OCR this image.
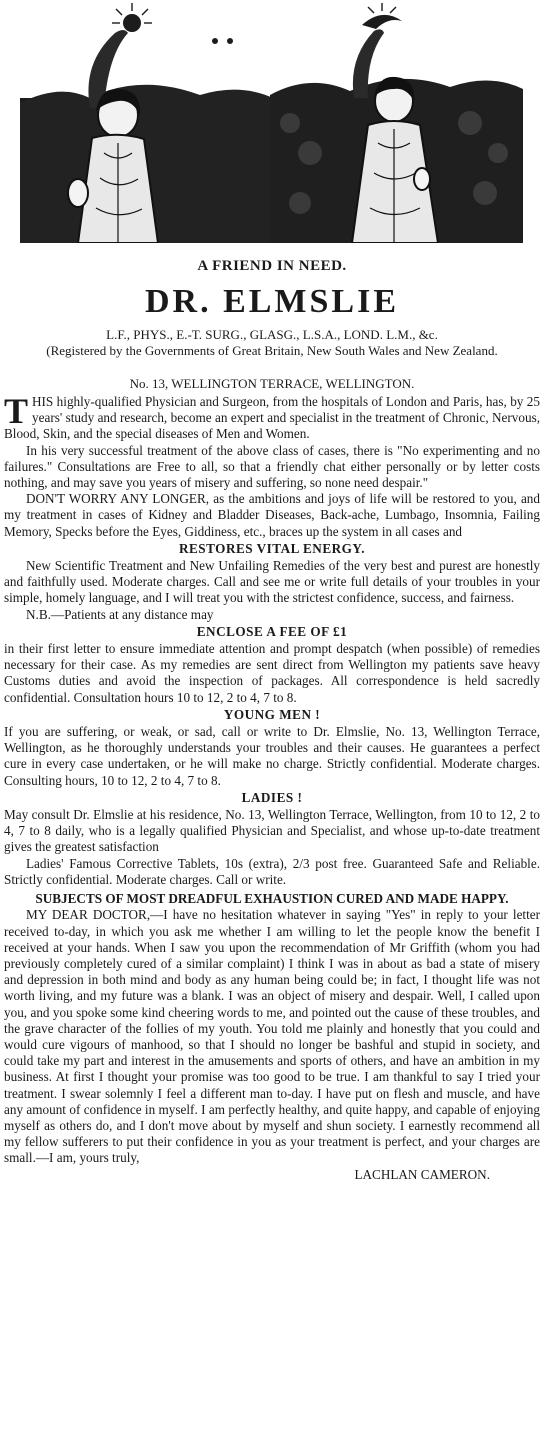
A FRIEND IN NEED.
DR. ELMSLIE
L.F., PHYS., E.-T. SURG., GLASG., L.S.A., LOND. L.M., &c.
(Registered by the Governments of Great Britain, New South Wales and New Zealand.
No. 13, WELLINGTON TERRACE, WELLINGTON.

THIS highly-qualified Physician and Surgeon, from the hospitals of London and Paris, has, by 25 years' study and research, become an expert and specialist in the treatment of Chronic, Nervous, Blood, Skin, and the special diseases of Men and Women.

In his very successful treatment of the above class of cases, there is "No experimenting and no failures." Consultations are Free to all, so that a friendly chat either personally or by letter costs nothing, and may save you years of misery and suffering, so none need despair."

DON'T WORRY ANY LONGER, as the ambitions and joys of life will be restored to you, and my treatment in cases of Kidney and Bladder Diseases, Back-ache, Lumbago, Insomnia, Failing Memory, Specks before the Eyes, Giddiness, etc., braces up the system in all cases and

RESTORES VITAL ENERGY.

New Scientific Treatment and New Unfailing Remedies of the very best and purest are honestly and faithfully used. Moderate charges. Call and see me or write full details of your troubles in your simple, homely language, and I will treat you with the strictest confidence, success, and fairness.

N.B.—Patients at any distance may

ENCLOSE A FEE OF £1

in their first letter to ensure immediate attention and prompt despatch (when possible) of remedies necessary for their case. As my remedies are sent direct from Wellington my patients save heavy Customs duties and avoid the inspection of packages. All correspondence is held sacredly confidential. Consultation hours 10 to 12, 2 to 4, 7 to 8.

YOUNG MEN !

If you are suffering, or weak, or sad, call or write to Dr. Elmslie, No. 13, Wellington Terrace, Wellington, as he thoroughly understands your troubles and their causes. He guarantees a perfect cure in every case undertaken, or he will make no charge. Strictly confidential. Moderate charges. Consulting hours, 10 to 12, 2 to 4, 7 to 8.

LADIES !

May consult Dr. Elmslie at his residence, No. 13, Wellington Terrace, Wellington, from 10 to 12, 2 to 4, 7 to 8 daily, who is a legally qualified Physician and Specialist, and whose up-to-date treatment gives the greatest satisfaction

Ladies' Famous Corrective Tablets, 10s (extra), 2/3 post free. Guaranteed Safe and Reliable. Strictly confidential. Moderate charges. Call or write.

SUBJECTS OF MOST DREADFUL EXHAUSTION CURED AND MADE HAPPY.

MY DEAR DOCTOR,—I have no hesitation whatever in saying "Yes" in reply to your letter received to-day, in which you ask me whether I am willing to let the people know the benefit I received at your hands. When I saw you upon the recommendation of Mr Griffith (whom you had previously completely cured of a similar complaint) I think I was in about as bad a state of misery and depression in both mind and body as any human being could be; in fact, I thought life was not worth living, and my future was a blank. I was an object of misery and despair. Well, I called upon you, and you spoke some kind cheering words to me, and pointed out the cause of these troubles, and the grave character of the follies of my youth. You told me plainly and honestly that you could and would cure vigours of manhood, so that I should no longer be bashful and stupid in society, and could take my part and interest in the amusements and sports of others, and have an ambition in my business. At first I thought your promise was too good to be true. I am thankful to say I tried your treatment. I swear solemnly I feel a different man to-day. I have put on flesh and muscle, and have any amount of confidence in myself. I am perfectly healthy, and quite happy, and capable of enjoying myself as others do, and I don't move about by myself and shun society. I earnestly recommend all my fellow sufferers to put their confidence in you as your treatment is perfect, and your charges are small.—I am, yours truly,

LACHLAN CAMERON.
